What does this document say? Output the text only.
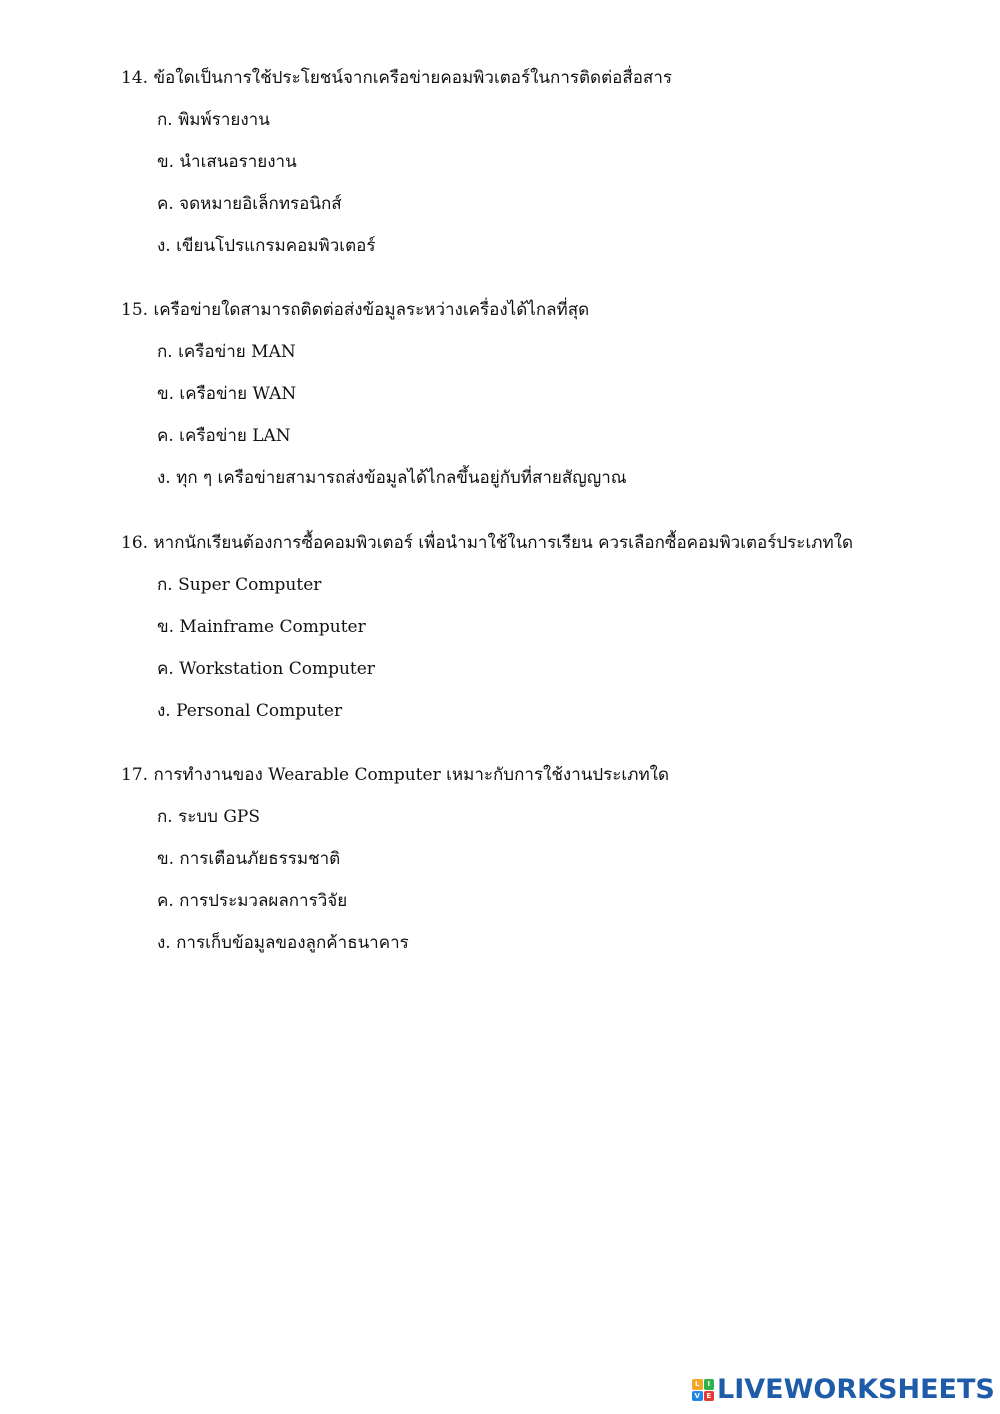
14. ข้อใดเป็นการใช้ประโยชน์จากเครือข่ายคอมพิวเตอร์ในการติดต่อสื่อสาร

ก. พิมพ์รายงาน
ข. นำเสนอรายงาน
ค. จดหมายอิเล็กทรอนิกส์
ง. เขียนโปรแกรมคอมพิวเตอร์

15. เครือข่ายใดสามารถติดต่อส่งข้อมูลระหว่างเครื่องได้ไกลที่สุด

ก. เครือข่าย MAN
ข. เครือข่าย WAN
ค. เครือข่าย LAN
ง. ทุก ๆ เครือข่ายสามารถส่งข้อมูลได้ไกลขึ้นอยู่กับที่สายสัญญาณ

16. หากนักเรียนต้องการซื้อคอมพิวเตอร์ เพื่อนำมาใช้ในการเรียน ควรเลือกซื้อคอมพิวเตอร์ประเภทใด

ก. Super Computer
ข. Mainframe Computer
ค. Workstation Computer
ง. Personal Computer

17. การทำงานของ Wearable Computer เหมาะกับการใช้งานประเภทใด

ก. ระบบ GPS
ข. การเตือนภัยธรรมชาติ
ค. การประมวลผลการวิจัย
ง. การเก็บข้อมูลของลูกค้าธนาคาร
L	I
V E LIVEWORKSHEETS
